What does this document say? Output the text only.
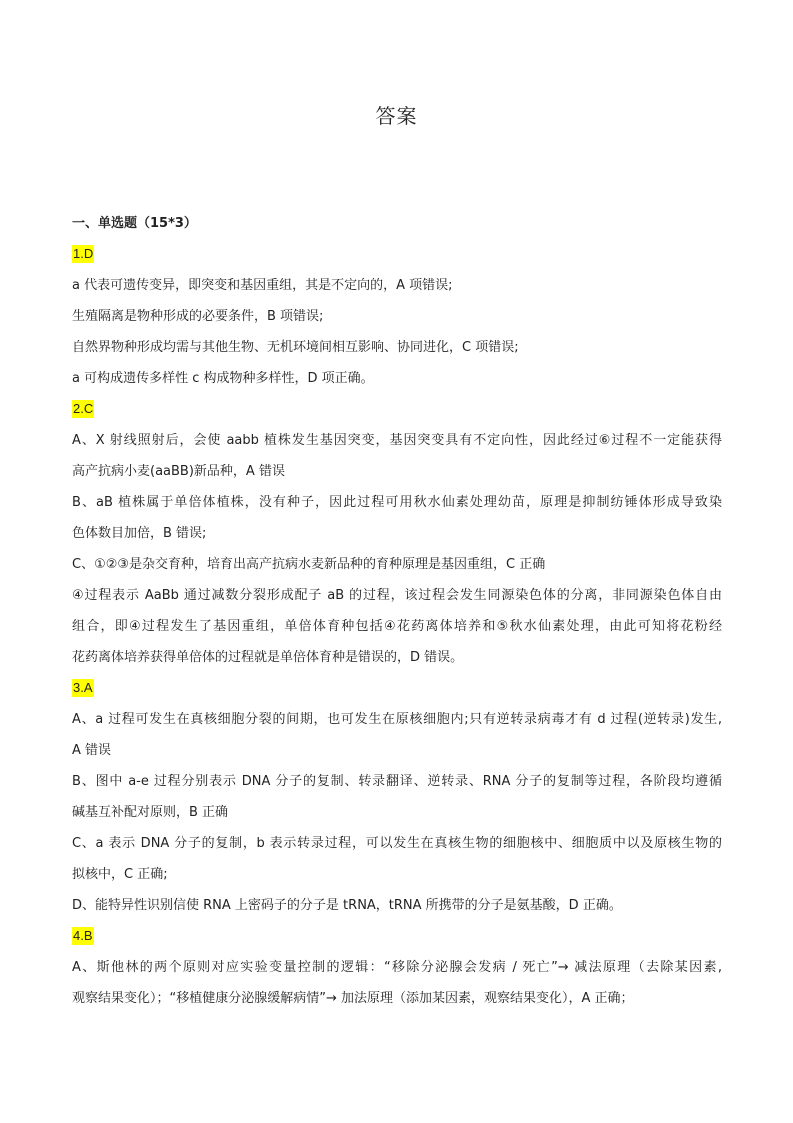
答案
一、单选题（15*3）
1.D
a 代表可遗传变异，即突变和基因重组，其是不定向的，A 项错误;
生殖隔离是物种形成的必要条件，B 项错误;
自然界物种形成均需与其他生物、无机环境间相互影响、协同进化，C 项错误;
a 可构成遗传多样性 c 构成物种多样性，D 项正确。
2.C
A、X 射线照射后，会使 aabb 植株发生基因突变，基因突变具有不定向性，因此经过⑥过程不一定能获得
高产抗病小麦(aaBB)新品种，A 错误
B、aB 植株属于单倍体植株，没有种子，因此过程可用秋水仙素处理幼苗，原理是抑制纺锤体形成导致染
色体数目加倍，B 错误;
C、①②③是杂交育种，培育出高产抗病水麦新品种的育种原理是基因重组，C 正确
④过程表示 AaBb 通过减数分裂形成配子 aB 的过程，该过程会发生同源染色体的分离，非同源染色体自由
组合，即④过程发生了基因重组，单倍体育种包括④花药离体培养和⑤秋水仙素处理，由此可知将花粉经
花药离体培养获得单倍体的过程就是单倍体育种是错误的，D 错误。
3.A
A、a 过程可发生在真核细胞分裂的间期，也可发生在原核细胞内;只有逆转录病毒才有 d 过程(逆转录)发生,
A 错误
B、图中 a-e 过程分别表示 DNA 分子的复制、转录翻译、逆转录、RNA 分子的复制等过程，各阶段均遵循
碱基互补配对原则，B 正确
C、a 表示 DNA 分子的复制，b 表示转录过程，可以发生在真核生物的细胞核中、细胞质中以及原核生物的
拟核中，C 正确;
D、能特异性识别信使 RNA 上密码子的分子是 tRNA，tRNA 所携带的分子是氨基酸，D 正确。
4.B
A、斯他林的两个原则对应实验变量控制的逻辑：“移除分泌腺会发病 / 死亡”→ 减法原理（去除某因素,
观察结果变化）；“移植健康分泌腺缓解病情”→ 加法原理（添加某因素，观察结果变化），A 正确；
